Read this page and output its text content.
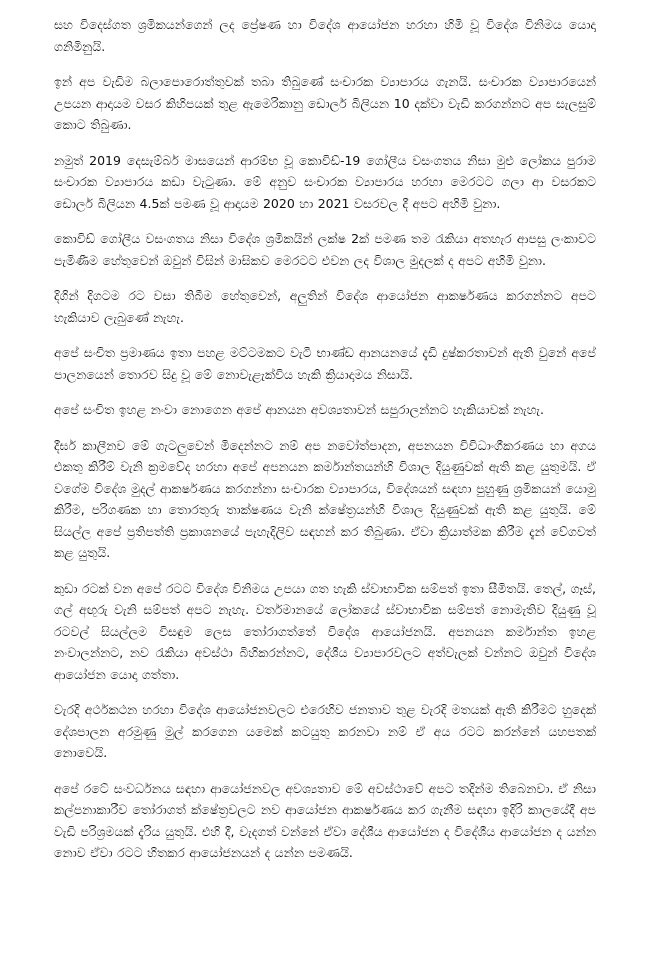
සහ විදෙස්ගත ශ්‍රමිකයන්ගෙන් ලද ප්‍රේෂණ හා විදේශ ආයෝජන හරහා හිමි වූ විදේශ විනිමය යොදා ගනිමිනුයි.

ඉන් අප වැඩිම බලාපොරොත්තුවක් තබා තිබුණේ සංචාරක ව්‍යාපාරය ගැනයි. සංචාරක ව්‍යාපාරයෙන් උපයන ආදායම වසර කිහිපයක් තුළ ඇමෙරිකානු ඩොලර් බිලියන 10 දක්වා වැඩි කරගන්නට අප සැලසුම් කොට තිබුණා.

නමුත් 2019 දෙසැම්බර් මාසයෙන් ආරම්භ වූ කොවිඩ්-19 ගෝලීය වසංගතය නිසා මුළු ලෝකය පුරාම සංචාරක ව්‍යාපාරය කඩා වැටුණා. මේ අනුව සංචාරක ව්‍යාපාරය හරහා මෙරටට ගලා ආ වසරකට ඩොලර් බිලියන 4.5ක් පමණ වූ ආදායම 2020 හා 2021 වසරවල දී අපට අහිමි වුනා.

කොවිඩ් ගෝලීය වසංගතය නිසා විදේශ ශ්‍රමිකයින් ලක්ෂ 2ක් පමණ තම රැකියා අතහැර ආපසු ලංකාවට පැමිණීම හේතුවෙන් ඔවුන් විසින් මාසිකව මෙරටට එවන ලද විශාල මුදලක් ද අපට අහිමි වුනා.

දිගින් දිගටම රට වසා තිබීම හේතුවෙන්, අලුතින් විදේශ ආයෝජන ආකර්ෂණය කරගන්නට අපට හැකියාව ලැබුණේ නැහැ.

අපේ සංචිත ප්‍රමාණය ඉතා පහළ මට්ටමකට වැටී භාණ්ඩ ආනයනයේ දැඩි දුෂ්කරතාවන් ඇති වුනේ අපේ පාලනයෙන් තොරව සිදු වූ මේ නොවැළැක්විය හැකි ක්‍රියාදාමය නිසායි.

අපේ සංචිත ඉහළ නංවා නොගෙන අපේ ආනයන අවශ්‍යතාවන් සපුරාලන්නට හැකියාවක් නැහැ.

දීර්ඝ කාලීනව මේ ගැටලුවෙන් මිදෙන්නට නම් අප නවෝත්පාදන, අපනයන විවිධාංගීකරණය හා අගය එකතු කිරීම් වැනි ක්‍රමවේද හරහා අපේ අපනයන කර්මාන්තයන්හි විශාල දියුණුවක් ඇති කළ යුතුමයි. ඒ වගේම විදේශ මුදල් ආකර්ෂණය කරගන්නා සංචාරක ව්‍යාපාරය, විදේශයන් සඳහා පුහුණු ශ්‍රමිකයන් යොමු කිරීම, පරිගණක හා තොරතුරු තාක්ෂණය වැනි ක්ෂේත්‍රයන්හි විශාල දියුණුවක් ඇති කළ යුතුයි. මේ සියල්ල අපේ ප්‍රතිපත්ති ප්‍රකාශනයේ පැහැදිලිව සඳහන් කර තිබුණා. ඒවා ක්‍රියාත්මක කිරීම දැන් වේගවත් කළ යුතුයි.

කුඩා රටක් වන අපේ රටට විදේශ විනිමය උපයා ගත හැකි ස්වාභාවික සම්පත් ඉතා සීමිතයි. තෙල්, ගෑස්, ගල් අඟුරු වැනි සම්පත් අපට නැහැ. වර්තමානයේ ලෝකයේ ස්වාභාවික සම්පත් නොමැතිව දියුණු වූ රටවල් සියල්ලම විසඳුම ලෙස තෝරාගත්තේ විදේශ ආයෝජනයි. අපනයන කර්මාන්ත ඉහළ නංවාලන්නට, නව රැකියා අවස්ථා බිහිකරන්නට, දේශීය ව්‍යාපාරවලට අත්වැලක් වන්නට ඔවුන් විදේශ ආයෝජන යොදා ගත්තා.

වැරදි අර්ථකථන හරහා විදේශ ආයෝජනවලට එරෙහිව ජනතාව තුළ වැරදි මතයක් ඇති කිරීමට හුදෙක් දේශපාලන අරමුණු මුල් කරගෙන යමෙක් කටයුතු කරනවා නම් ඒ අය රටට කරන්නේ යහපතක් නොවෙයි.

අපේ රටේ සංවර්ධනය සඳහා ආයෝජනවල අවශ්‍යතාව මේ අවස්ථාවේ අපට තදින්ම තිබෙනවා. ඒ නිසා කල්පනාකාරීව තෝරාගත් ක්ෂේත්‍රවලට නව ආයෝජන ආකර්ෂණය කර ගැනීම සඳහා ඉදිරි කාලයේදී අප වැඩි පරිශ්‍රමයක් දැරිය යුතුයි. එහි දී, වැදගත් වන්නේ ඒවා දේශීය ආයෝජන ද විදේශීය ආයෝජන ද යන්න නොව ඒවා රටට හිතකර ආයෝජනයන් ද යන්න පමණයි.
